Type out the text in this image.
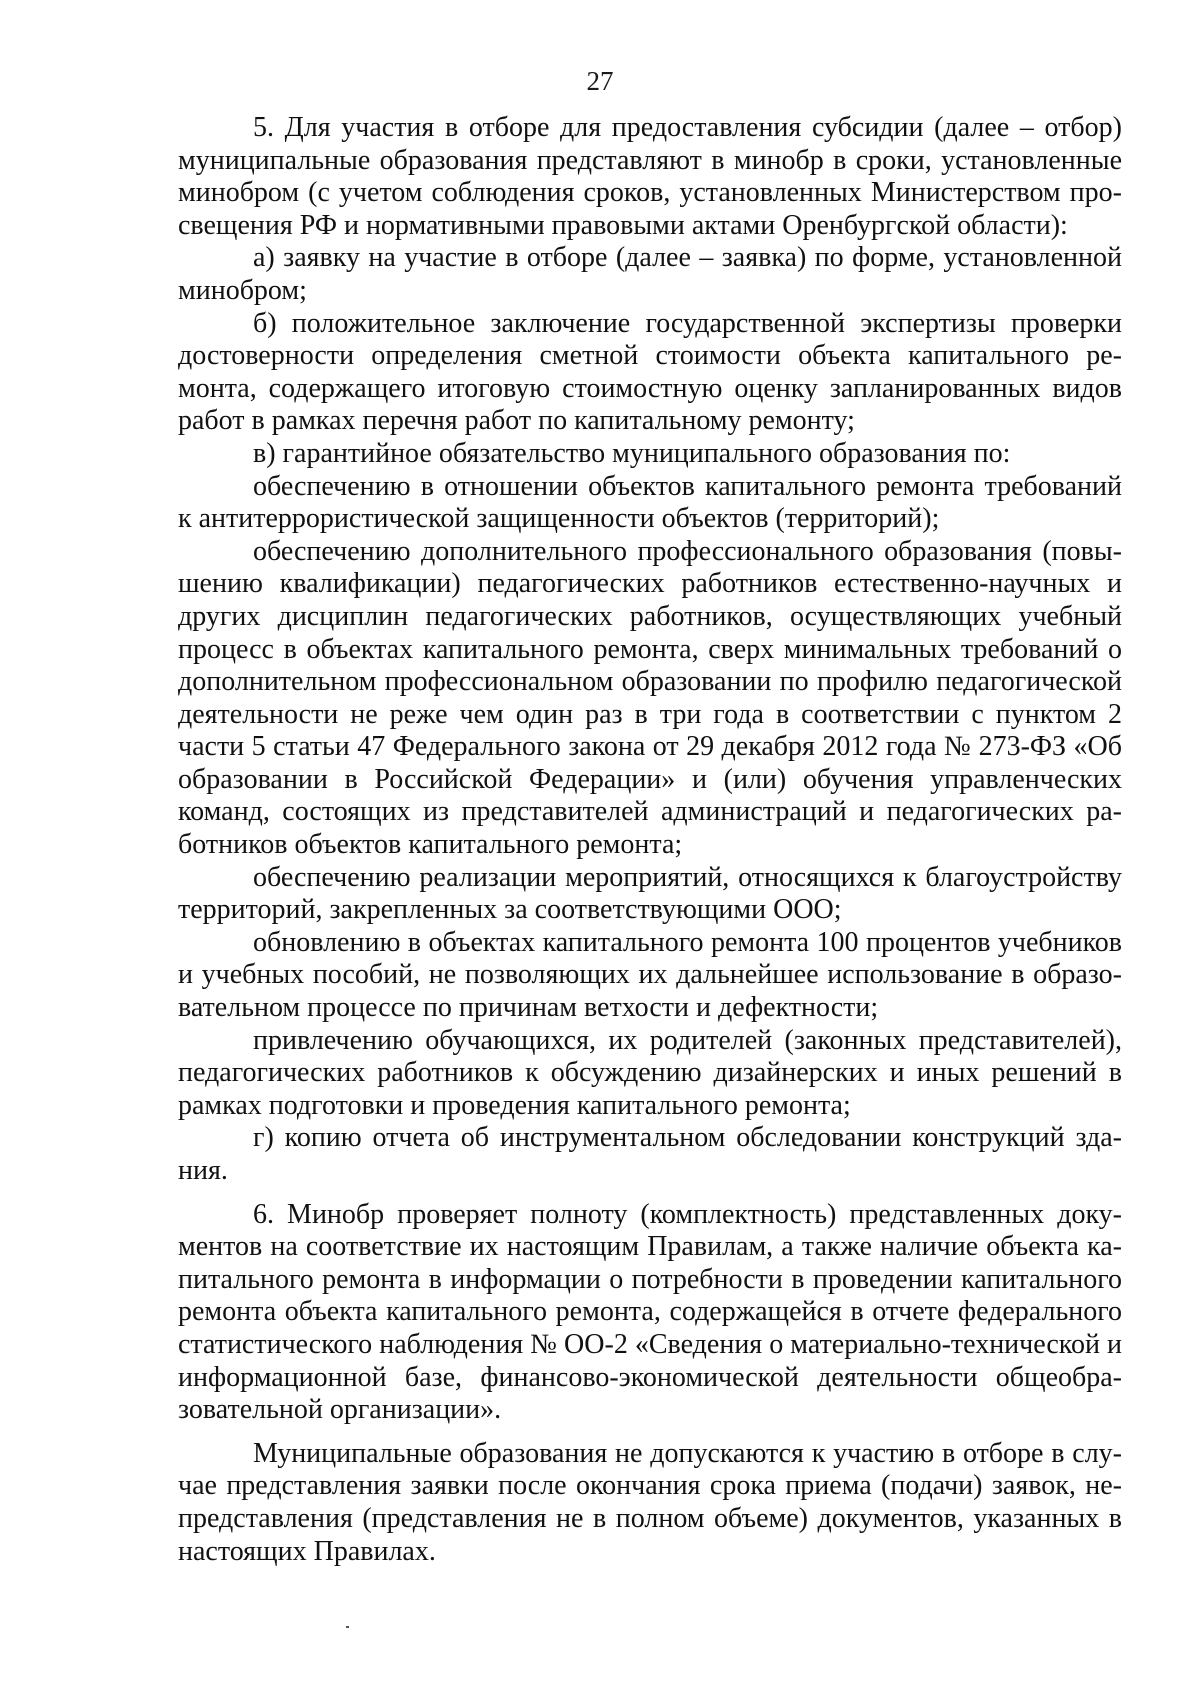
27

5. Для участия в отборе для предоставления субсидии (далее – отбор) муниципальные образования представляют в минобр в сроки, установленные минобром (с учетом соблюдения сроков, установленных Министерством просвещения РФ и нормативными правовыми актами Оренбургской области):

а) заявку на участие в отборе (далее – заявка) по форме, установленной минобром;

б) положительное заключение государственной экспертизы проверки достоверности определения сметной стоимости объекта капитального ремонта, содержащего итоговую стоимостную оценку запланированных видов работ в рамках перечня работ по капитальному ремонту;

в) гарантийное обязательство муниципального образования по:

обеспечению в отношении объектов капитального ремонта требований к антитеррористической защищенности объектов (территорий);

обеспечению дополнительного профессионального образования (повышению квалификации) педагогических работников естественно-научных и других дисциплин педагогических работников, осуществляющих учебный процесс в объектах капитального ремонта, сверх минимальных требований о дополнительном профессиональном образовании по профилю педагогической деятельности не реже чем один раз в три года в соответствии с пунктом 2 части 5 статьи 47 Федерального закона от 29 декабря 2012 года № 273-ФЗ «Об образовании в Российской Федерации» и (или) обучения управленческих команд, состоящих из представителей администраций и педагогических работников объектов капитального ремонта;

обеспечению реализации мероприятий, относящихся к благоустройству территорий, закрепленных за соответствующими ООО;

обновлению в объектах капитального ремонта 100 процентов учебников и учебных пособий, не позволяющих их дальнейшее использование в образовательном процессе по причинам ветхости и дефектности;

привлечению обучающихся, их родителей (законных представителей), педагогических работников к обсуждению дизайнерских и иных решений в рамках подготовки и проведения капитального ремонта;

г) копию отчета об инструментальном обследовании конструкций здания.

6. Минобр проверяет полноту (комплектность) представленных документов на соответствие их настоящим Правилам, а также наличие объекта капитального ремонта в информации о потребности в проведении капитального ремонта объекта капитального ремонта, содержащейся в отчете федерального статистического наблюдения № ОО-2 «Сведения о материально-технической и информационной базе, финансово-экономической деятельности общеобразовательной организации».

Муниципальные образования не допускаются к участию в отборе в случае представления заявки после окончания срока приема (подачи) заявок, непредставления (представления не в полном объеме) документов, указанных в настоящих Правилах.
